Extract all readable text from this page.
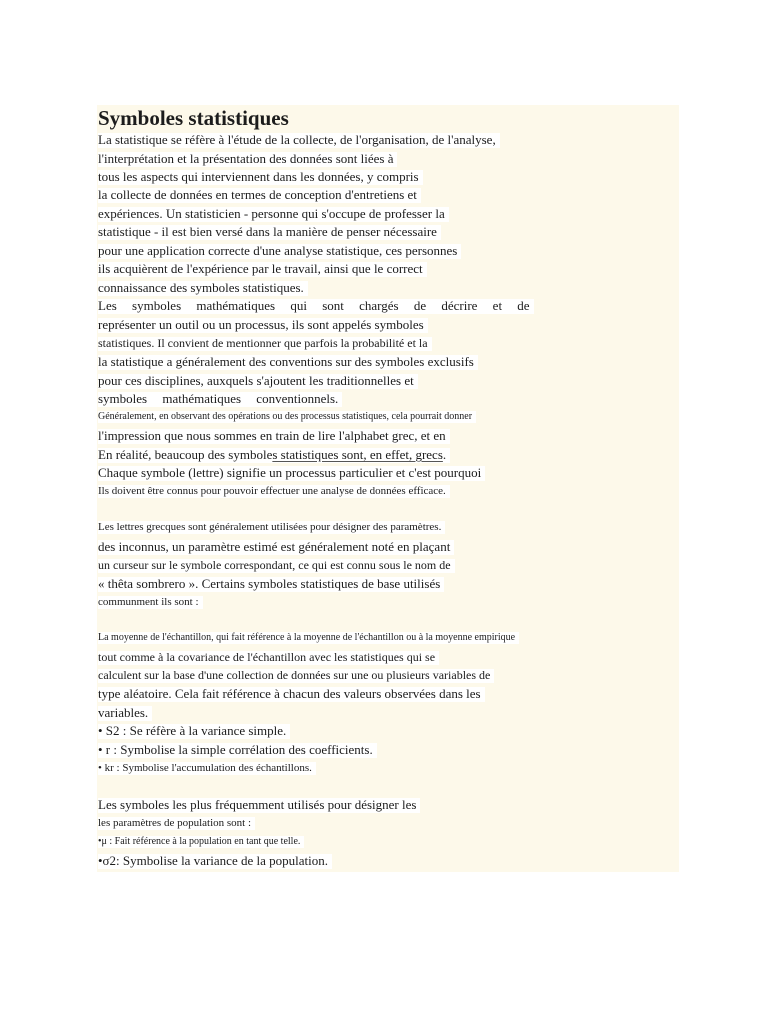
Symboles statistiques
La statistique se réfère à l'étude de la collecte, de l'organisation, de l'analyse,
l'interprétation et la présentation des données sont liées à
tous les aspects qui interviennent dans les données, y compris
la collecte de données en termes de conception d'entretiens et
expériences. Un statisticien - personne qui s'occupe de professer la
statistique - il est bien versé dans la manière de penser nécessaire
pour une application correcte d'une analyse statistique, ces personnes
ils acquièrent de l'expérience par le travail, ainsi que le correct
connaissance des symboles statistiques.
Les symboles mathématiques qui sont chargés de décrire et de
représenter un outil ou un processus, ils sont appelés symboles
statistiques. Il convient de mentionner que parfois la probabilité et la
la statistique a généralement des conventions sur des symboles exclusifs
pour ces disciplines, auxquels s'ajoutent les traditionnelles et
symboles mathématiques conventionnels.
Généralement, en observant des opérations ou des processus statistiques, cela pourrait donner
l'impression que nous sommes en train de lire l'alphabet grec, et en
En réalité, beaucoup des symboles statistiques sont, en effet, grecs.
Chaque symbole (lettre) signifie un processus particulier et c'est pourquoi
Ils doivent être connus pour pouvoir effectuer une analyse de données efficace.
Les lettres grecques sont généralement utilisées pour désigner des paramètres.
des inconnus, un paramètre estimé est généralement noté en plaçant
un curseur sur le symbole correspondant, ce qui est connu sous le nom de
« thêta sombrero ». Certains symboles statistiques de base utilisés
communment ils sont :
La moyenne de l'échantillon, qui fait référence à la moyenne de l'échantillon ou à la moyenne empirique
tout comme à la covariance de l'échantillon avec les statistiques qui se
calculent sur la base d'une collection de données sur une ou plusieurs variables de
type aléatoire. Cela fait référence à chacun des valeurs observées dans les
variables.
• S2 : Se réfère à la variance simple.
• r : Symbolise la simple corrélation des coefficients.
• kr : Symbolise l'accumulation des échantillons.
Les symboles les plus fréquemment utilisés pour désigner les
les paramètres de population sont :
•μ : Fait référence à la population en tant que telle.
•σ2: Symbolise la variance de la population.
